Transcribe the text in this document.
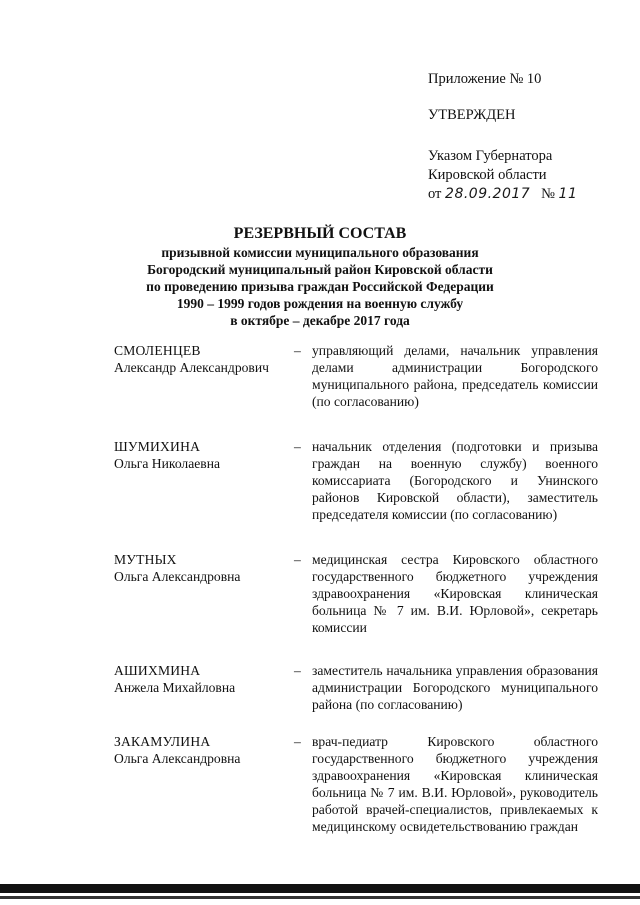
Приложение № 10
УТВЕРЖДЕН
Указом Губернатора
Кировской области
от 28.09.2017 № 11
РЕЗЕРВНЫЙ СОСТАВ
призывной комиссии муниципального образования
Богородский муниципальный район Кировской области
по проведению призыва граждан Российской Федерации
1990 – 1999 годов рождения на военную службу
в октябре – декабре 2017 года
СМОЛЕНЦЕВ
Александр Александрович
– управляющий делами, начальник управления делами администрации Богородского муниципального района, председатель комиссии (по согласованию)
ШУМИХИНА
Ольга Николаевна
– начальник отделения (подготовки и призыва граждан на военную службу) военного комиссариата (Богородского и Унинского районов Кировской области), заместитель председателя комиссии (по согласованию)
МУТНЫХ
Ольга Александровна
– медицинская сестра Кировского областного государственного бюджетного учреждения здравоохранения «Кировская клиническая больница № 7 им. В.И. Юрловой», секретарь комиссии
АШИХМИНА
Анжела Михайловна
– заместитель начальника управления образования администрации Богородского муниципального района (по согласованию)
ЗАКАМУЛИНА
Ольга Александровна
– врач-педиатр Кировского областного государственного бюджетного учреждения здравоохранения «Кировская клиническая больница № 7 им. В.И. Юрловой», руководитель работой врачей-специалистов, привлекаемых к медицинскому освидетельствованию граждан
